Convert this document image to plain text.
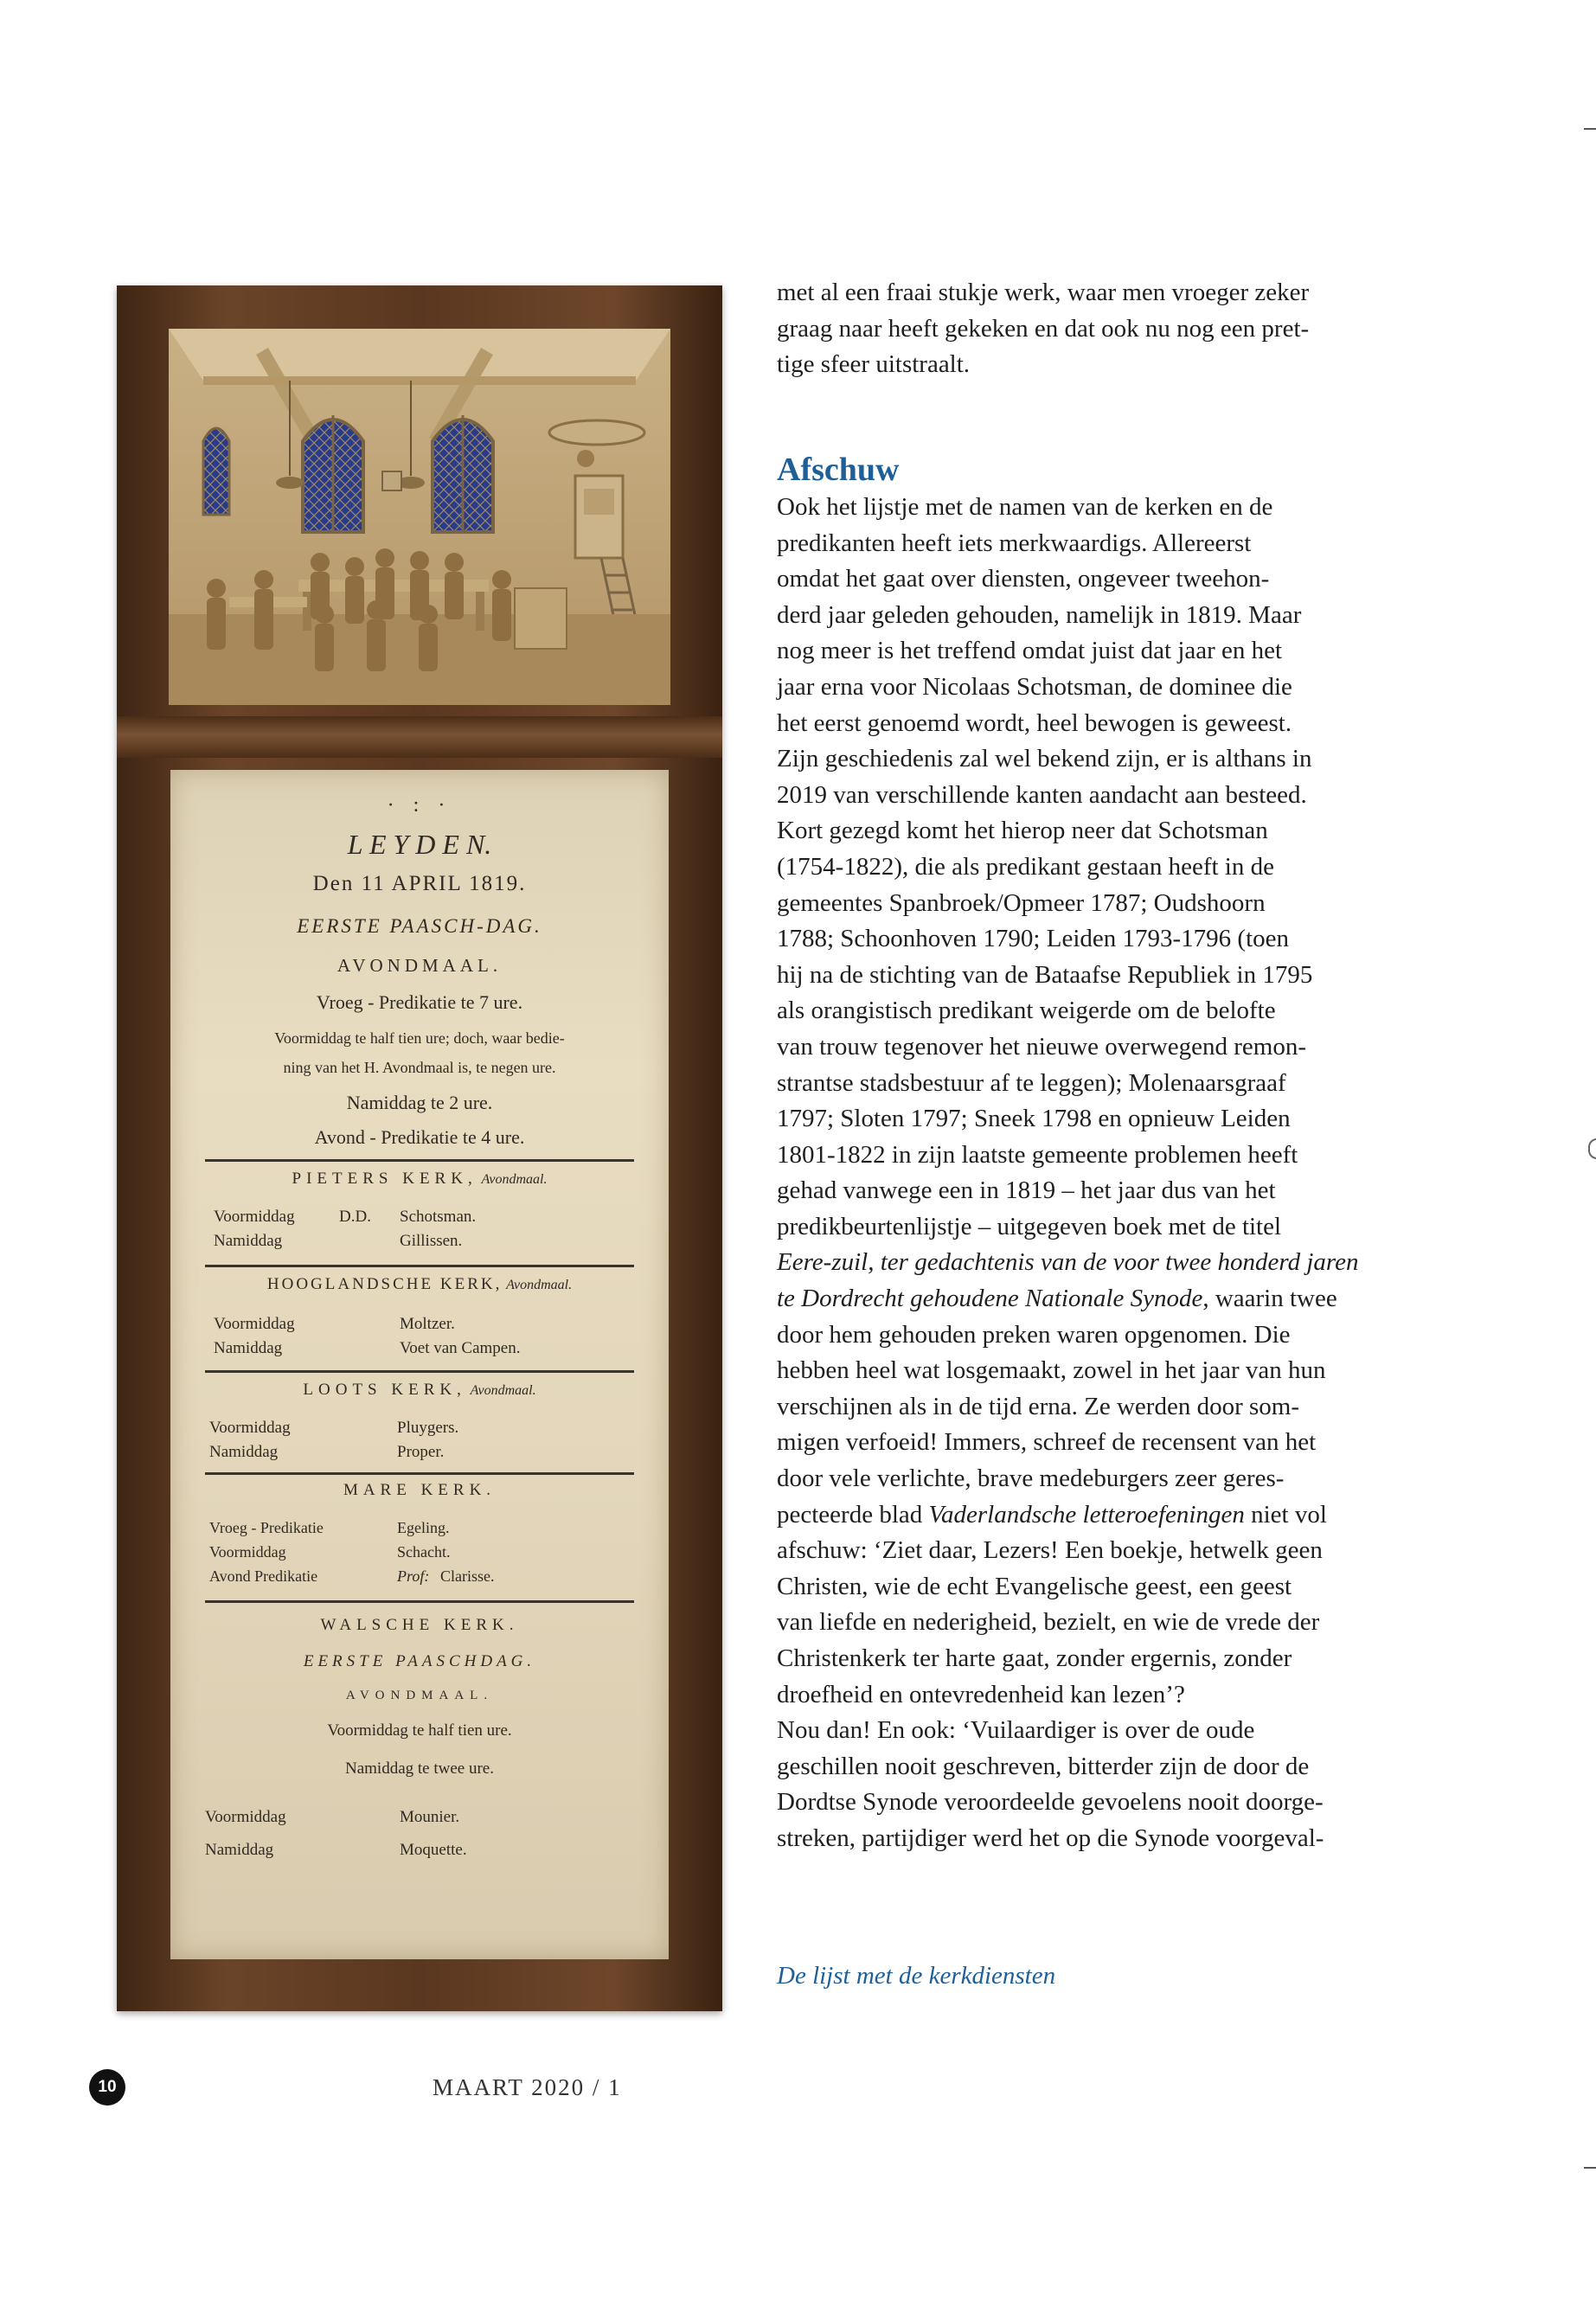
· : ·
L E Y D E N.
Den 11 APRIL 1819.
EERSTE PAASCH-DAG.
AVONDMAAL.
Vroeg - Predikatie te 7 ure.
Voormiddag te half tien ure; doch, waar bedie-
ning van het H. Avondmaal is, te negen ure.
Namiddag te 2 ure.
Avond - Predikatie te 4 ure.
PIETERS KERK, Avondmaal.
Voormiddag	D.D. Schotsman.
Namiddag	Gillissen.
HOOGLANDSCHE KERK, Avondmaal.
Voormiddag	Moltzer.
Namiddag	Voet van Campen.
LOOTS KERK, Avondmaal.
Voormiddag	Pluygers.
Namiddag	Proper.
MARE KERK.
Vroeg - Predikatie	Egeling.
Voormiddag	Schacht.
Avond Predikatie	Prof: Clarisse.
WALSCHE KERK.
EERSTE PAASCHDAG.
AVONDMAAL.
Voormiddag te half tien ure.
Namiddag te twee ure.
Voormiddag	Mounier.
Namiddag	Moquette.
met al een fraai stukje werk, waar men vroeger zeker
graag naar heeft gekeken en dat ook nu nog een pret-
tige sfeer uitstraalt.
Afschuw
Ook het lijstje met de namen van de kerken en de
predikanten heeft iets merkwaardigs. Allereerst
omdat het gaat over diensten, ongeveer tweehon-
derd jaar geleden gehouden, namelijk in 1819. Maar
nog meer is het treffend omdat juist dat jaar en het
jaar erna voor Nicolaas Schotsman, de dominee die
het eerst genoemd wordt, heel bewogen is geweest.
Zijn geschiedenis zal wel bekend zijn, er is althans in
2019 van verschillende kanten aandacht aan besteed.
Kort gezegd komt het hierop neer dat Schotsman
(1754-1822), die als predikant gestaan heeft in de
gemeentes Spanbroek/Opmeer 1787; Oudshoorn
1788; Schoonhoven 1790; Leiden 1793-1796 (toen
hij na de stichting van de Bataafse Republiek in 1795
als orangistisch predikant weigerde om de belofte
van trouw tegenover het nieuwe overwegend remon-
strantse stadsbestuur af te leggen); Molenaarsgraaf
1797; Sloten 1797; Sneek 1798 en opnieuw Leiden
1801-1822 in zijn laatste gemeente problemen heeft
gehad vanwege een in 1819 – het jaar dus van het
predikbeurtenlijstje – uitgegeven boek met de titel
Eere-zuil, ter gedachtenis van de voor twee honderd jaren
te Dordrecht gehoudene Nationale Synode, waarin twee
door hem gehouden preken waren opgenomen. Die
hebben heel wat losgemaakt, zowel in het jaar van hun
verschijnen als in de tijd erna. Ze werden door som-
migen verfoeid! Immers, schreef de recensent van het
door vele verlichte, brave medeburgers zeer geres-
pecteerde blad Vaderlandsche letteroefeningen niet vol
afschuw: ‘Ziet daar, Lezers! Een boekje, hetwelk geen
Christen, wie de echt Evangelische geest, een geest
van liefde en nederigheid, bezielt, en wie de vrede der
Christenkerk ter harte gaat, zonder ergernis, zonder
droefheid en ontevredenheid kan lezen’?
Nou dan! En ook: ‘Vuilaardiger is over de oude
geschillen nooit geschreven, bitterder zijn de door de
Dordtse Synode veroordeelde gevoelens nooit doorge-
streken, partijdiger werd het op die Synode voorgeval-
De lijst met de kerkdiensten
10	MAART 2020 / 1
